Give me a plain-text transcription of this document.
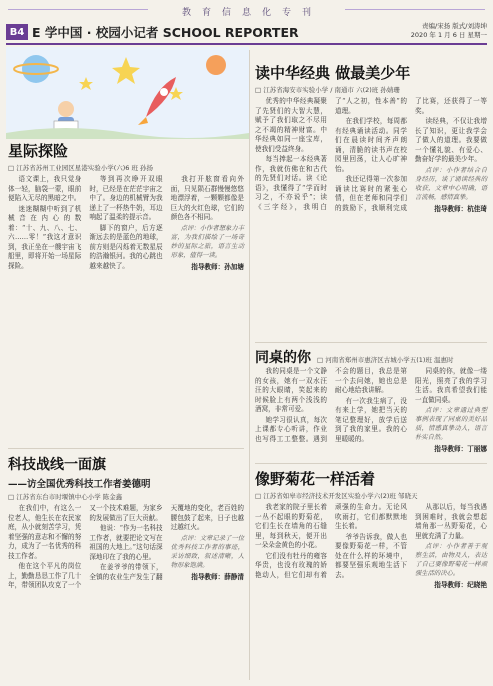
教 育 信 息 化 专 刊
B4 E 学中国 · 校园小记者 SCHOOL REPORTER	责编/宋扬 版式/刘涛坤
2020 年 1 月 6 日 星期一
星际探险
□ 江苏省苏州工业园区星港实验小学(六)6 班 孙扬

语文课上，我只觉身体一轻，脑袋一蒙，眼前便陷入无尽的黑暗之中。

迷迷糊糊中听到了机械音在内心的数着：“十、九、八、七、六……零！”我这才意识到，我正坐在一艘宇宙飞船里，即将开始一场星际探险。

等到再次睁开双眼时，已经是在茫茫宇宙之中了。身边的机械臂为我递上了一杯热牛奶，耳边响起了温柔的提示音。

脚下的窗户，后方逐渐远去的是蓝色的地球，前方则是闪烁着无数星辰的浩瀚银河。我的心跳也越来越快了。

我打开舷窗看向外面，只见陨石群慢慢悠悠地漂浮着，一颗颗都像是巨大的火红色球，它们的颜色各不相同。

点评：小作者想象力丰富，为我们描绘了一场奇妙的星际之旅，语言生动形象，值得一读。

指导教师：孙加塘
科技战线一面旗
——访全国优秀科技工作者姜德明
□ 江苏省东台市时堰镇中心小学 陈金鑫

在我们中，有这么一位老人，他生长在农民家庭，从小就刻苦学习，凭着坚强的意志和不懈的努力，成为了一名优秀的科技工作者。

他在这个平凡的岗位上，勤勤恳恳工作了几十年，带领团队攻克了一个又一个技术难题，为家乡的发展做出了巨大贡献。

他说：“作为一名科技工作者，就要把论文写在祖国的大地上。”这句话深深地印在了我的心里。

在姜爷爷的带领下，全镇的农业生产发生了翻天覆地的变化，老百姓的腰包鼓了起来，日子也越过越红火。

点评：文章记录了一位优秀科技工作者的事迹，采访细致，叙述清晰，人物形象饱满。

指导教师：薛静清
读中华经典 做最美少年
□ 江苏省海安市实验小学 / 南通市 六(2)班 孙婧珊

优秀的中华经典凝聚了先贤们的大智大慧，赋予了我们取之不尽用之不竭的精神财富。中华经典如同一座宝库，使我们受益终身。

每当捧起一本经典著作，我就仿佛在和古代的先贤们对话。读《论语》，我懂得了“学而时习之，不亦说乎”；读《三字经》，我明白了“人之初，性本善”的道理。

在我们学校，每周都有经典诵读活动。同学们在晨读时间齐声朗诵，清脆的读书声在校园里回荡，让人心旷神怡。

我还记得第一次参加诵读比赛时的紧张心情，但在老师和同学们的鼓励下，我顺利完成了比赛，还获得了一等奖。

读经典，不仅让我增长了知识，更让我学会了做人的道理。我要做一个懂礼貌、有爱心、勤奋好学的最美少年。

点评：小作者结合自身经历，谈了诵读经典的收获，文章中心明确，语言流畅，感情真挚。

指导教师：杭佳琦
同桌的你 □ 河南省郑州市惠济区古城小学五(1)班 温惠时

我的同桌是一个文静的女孩，她有一双水汪汪的大眼睛，笑起来的时候脸上有两个浅浅的酒窝，非常可爱。

她学习很认真，每次上课都专心听讲，作业也写得工工整整。遇到不会的题目，我总是第一个去问她，她也总是耐心地给我讲解。

有一次我生病了，没有来上学，她把当天的笔记整理好，放学后送到了我的家里。我的心里暖暖的。

同桌的你，就像一缕阳光，照亮了我的学习生活。我真希望我们能一直做同桌。

点评：文章通过典型事例表现了同桌的美好品质，情感真挚动人，语言朴实自然。

指导教师：丁丽娜
像野菊花一样活着
□ 江苏省如皋市经济技术开发区实验小学六(2)班 邹晓天

我老家的院子里长着一丛不起眼的野菊花，它们生长在墙角的石缝里，每到秋天，便开出一朵朵金黄色的小花。

它们没有牡丹的雍容华贵，也没有玫瑰的娇艳动人，但它们却有着顽强的生命力。无论风吹雨打，它们都默默地生长着。

爷爷告诉我，做人也要像野菊花一样，不管处在什么样的环境中，都要坚强乐观地生活下去。

从那以后，每当我遇到困难时，我就会想起墙角那一丛野菊花，心里就充满了力量。

点评：小作者善于观察生活，由物及人，表达了自己要像野菊花一样顽强生活的决心。

指导教师：纪晓艳
